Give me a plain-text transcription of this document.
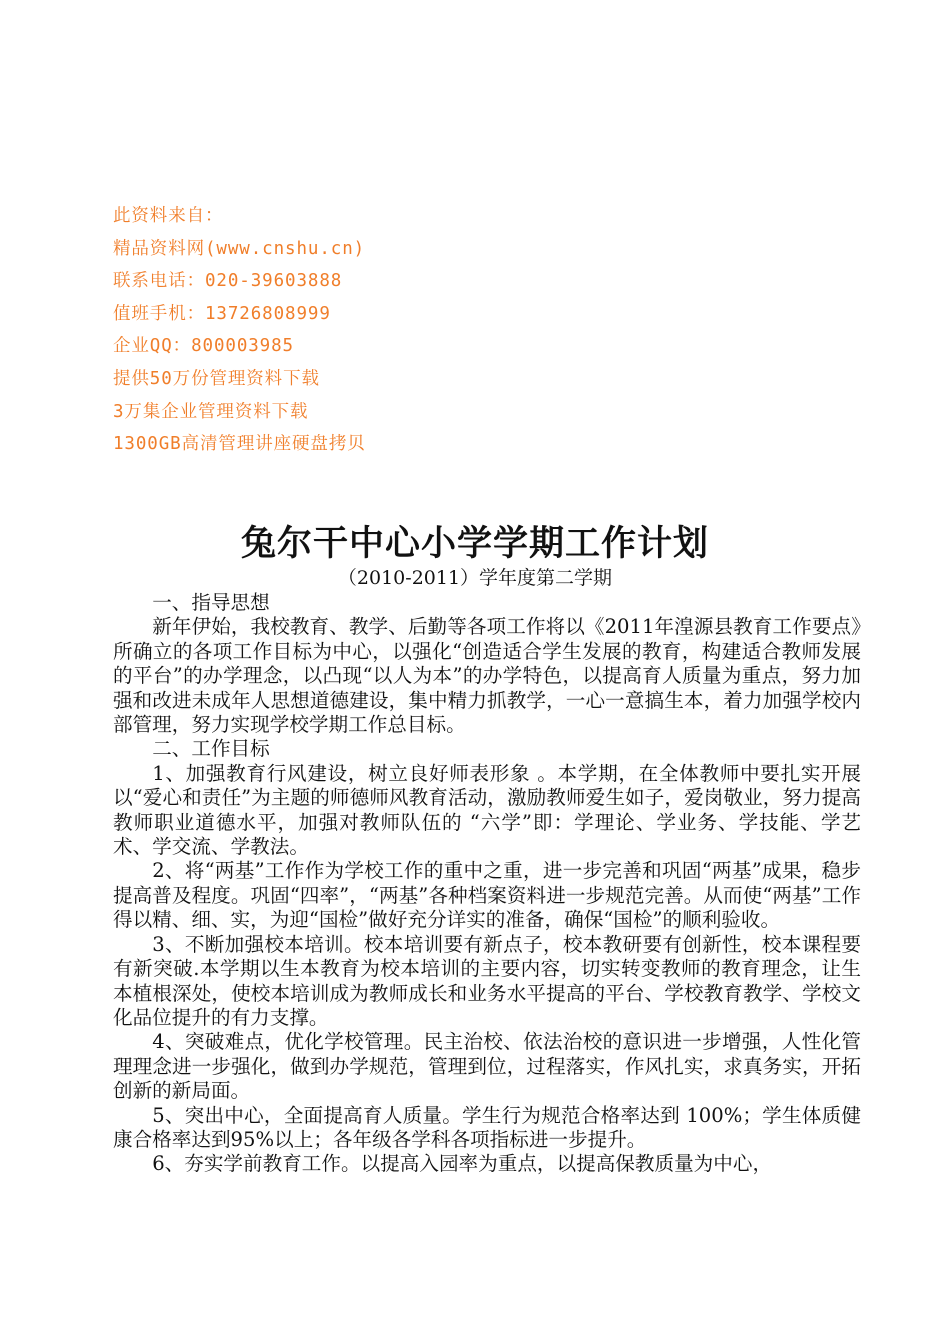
此资料来自：
精品资料网(www.cnshu.cn)
联系电话：020-39603888
值班手机：13726808999
企业QQ：800003985
提供50万份管理资料下载
3万集企业管理资料下载
1300GB高清管理讲座硬盘拷贝
兔尔干中心小学学期工作计划
（2010-2011）学年度第二学期

一、指导思想

新年伊始，我校教育、教学、后勤等各项工作将以《2011年湟源县教育工作要点》所确立的各项工作目标为中心，以强化“创造适合学生发展的教育，构建适合教师发展的平台”的办学理念，以凸现“以人为本”的办学特色，以提高育人质量为重点，努力加强和改进未成年人思想道德建设，集中精力抓教学，一心一意搞生本，着力加强学校内部管理，努力实现学校学期工作总目标。

二、工作目标

1、加强教育行风建设，树立良好师表形象 。本学期，在全体教师中要扎实开展以“爱心和责任”为主题的师德师风教育活动，激励教师爱生如子，爱岗敬业，努力提高教师职业道德水平，加强对教师队伍的 “六学”即：学理论、学业务、学技能、学艺术、学交流、学教法。

2、将“两基”工作作为学校工作的重中之重，进一步完善和巩固“两基”成果，稳步提高普及程度。巩固“四率”，“两基”各种档案资料进一步规范完善。从而使“两基”工作得以精、细、实，为迎“国检”做好充分详实的准备，确保“国检”的顺利验收。

3、不断加强校本培训。校本培训要有新点子，校本教研要有创新性，校本课程要有新突破.本学期以生本教育为校本培训的主要内容，切实转变教师的教育理念，让生本植根深处，使校本培训成为教师成长和业务水平提高的平台、学校教育教学、学校文化品位提升的有力支撑。

4、突破难点，优化学校管理。民主治校、依法治校的意识进一步增强，人性化管理理念进一步强化，做到办学规范，管理到位，过程落实，作风扎实，求真务实，开拓创新的新局面。

5、突出中心，全面提高育人质量。学生行为规范合格率达到 100%；学生体质健康合格率达到95%以上；各年级各学科各项指标进一步提升。

6、夯实学前教育工作。以提高入园率为重点，以提高保教质量为中心，
